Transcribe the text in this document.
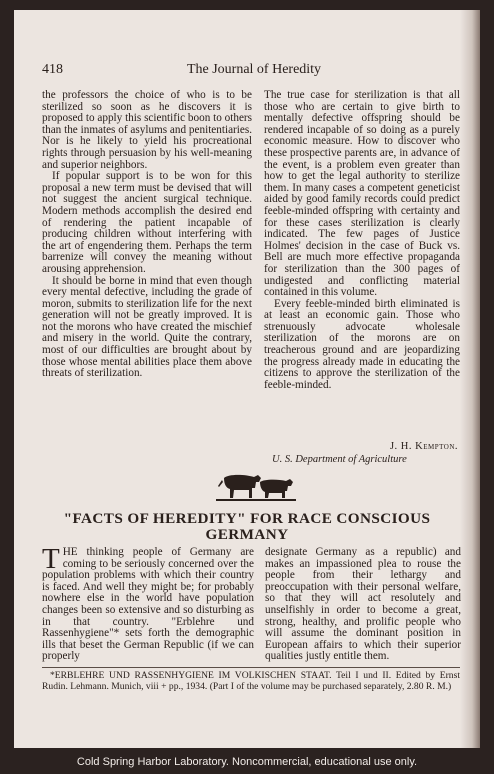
418	The Journal of Heredity

the professors the choice of who is to be sterilized so soon as he discovers it is proposed to apply this scientific boon to others than the inmates of asylums and penitentiaries. Nor is he likely to yield his procreational rights through persuasion by his well-meaning and superior neighbors.

If popular support is to be won for this proposal a new term must be devised that will not suggest the ancient surgical technique. Modern methods accomplish the desired end of rendering the patient incapable of producing children without interfering with the art of engendering them. Perhaps the term barrenize will convey the meaning without arousing apprehension.

It should be borne in mind that even though every mental defective, including the grade of moron, submits to sterilization life for the next generation will not be greatly improved. It is not the morons who have created the mischief and misery in the world. Quite the contrary, most of our difficulties are brought about by those whose mental abilities place them above threats of sterilization.

The true case for sterilization is that all those who are certain to give birth to mentally defective offspring should be rendered incapable of so doing as a purely economic measure. How to discover who these prospective parents are, in advance of the event, is a problem even greater than how to get the legal authority to sterilize them. In many cases a competent geneticist aided by good family records could predict feeble-minded offspring with certainty and for these cases sterilization is clearly indicated. The few pages of Justice Holmes' decision in the case of Buck vs. Bell are much more effective propaganda for sterilization than the 300 pages of undigested and conflicting material contained in this volume.

Every feeble-minded birth eliminated is at least an economic gain. Those who strenuously advocate wholesale sterilization of the morons are on treacherous ground and are jeopardizing the progress already made in educating the citizens to approve the sterilization of the feeble-minded.

J. H. Kempton.
U. S. Department of Agriculture
"FACTS OF HEREDITY" FOR RACE CONSCIOUS
GERMANY
THE thinking people of Germany are coming to be seriously concerned over the population problems with which their country is faced. And well they might be; for probably nowhere else in the world have population changes been so extensive and so disturbing as in that country. "Erblehre und Rassenhygiene"* sets forth the demographic ills that beset the German Republic (if we can properly
designate Germany as a republic) and makes an impassioned plea to rouse the people from their lethargy and preoccupation with their personal welfare, so that they will act resolutely and unselfishly in order to become a great, strong, healthy, and prolific people who will assume the dominant position in European affairs to which their superior qualities justly entitle them.
*ERBLEHRE UND RASSENHYGIENE IM VOLKISCHEN STAAT. Teil I und II. Edited by Ernst Rudin. Lehmann. Munich, viii + pp., 1934. (Part I of the volume may be purchased separately, 2.80 R. M.)
Cold Spring Harbor Laboratory. Noncommercial, educational use only.
